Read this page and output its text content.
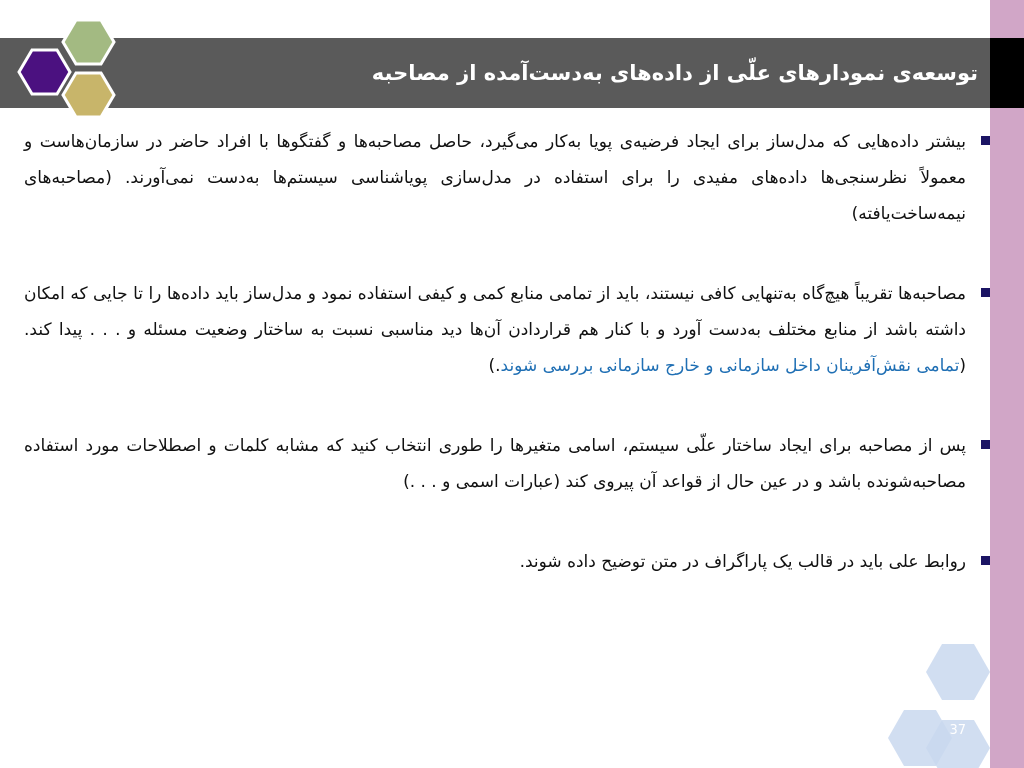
توسعه‌ی نمودارهای علّی از داده‌های به‌دست‌آمده از مصاحبه
بیشتر داده‌هایی که مدل‌ساز برای ایجاد فرضیه‌ی پویا به‌کار می‌گیرد، حاصل مصاحبه‌ها و گفتگوها با افراد حاضر در سازمان‌هاست و معمولاً نظرسنجی‌ها داده‌های مفیدی را برای استفاده در مدل‌سازی پویاشناسی سیستم‌ها به‌دست نمی‌آورند. (مصاحبه‌های نیمه‌ساخت‌یافته)
مصاحبه‌ها تقریباً هیچ‌گاه به‌تنهایی کافی نیستند، باید از تمامی منابع کمی و کیفی استفاده نمود و مدل‌ساز باید داده‌ها را تا جایی که امکان داشته باشد از منابع مختلف به‌دست آورد و با کنار هم قراردادن آن‌ها دید مناسبی نسبت به ساختار وضعیت مسئله و . . . پیدا کند. (تمامی نقش‌آفرینان داخل سازمانی و خارج سازمانی بررسی شوند.)
پس از مصاحبه برای ایجاد ساختار علّی سیستم، اسامی متغیرها را طوری انتخاب کنید که مشابه کلمات و اصطلاحات مورد استفاده مصاحبه‌شونده باشد و در عین حال از قواعد آن پیروی کند (عبارات اسمی و . . .)
روابط علی باید در قالب یک پاراگراف در متن توضیح داده شوند.
37
